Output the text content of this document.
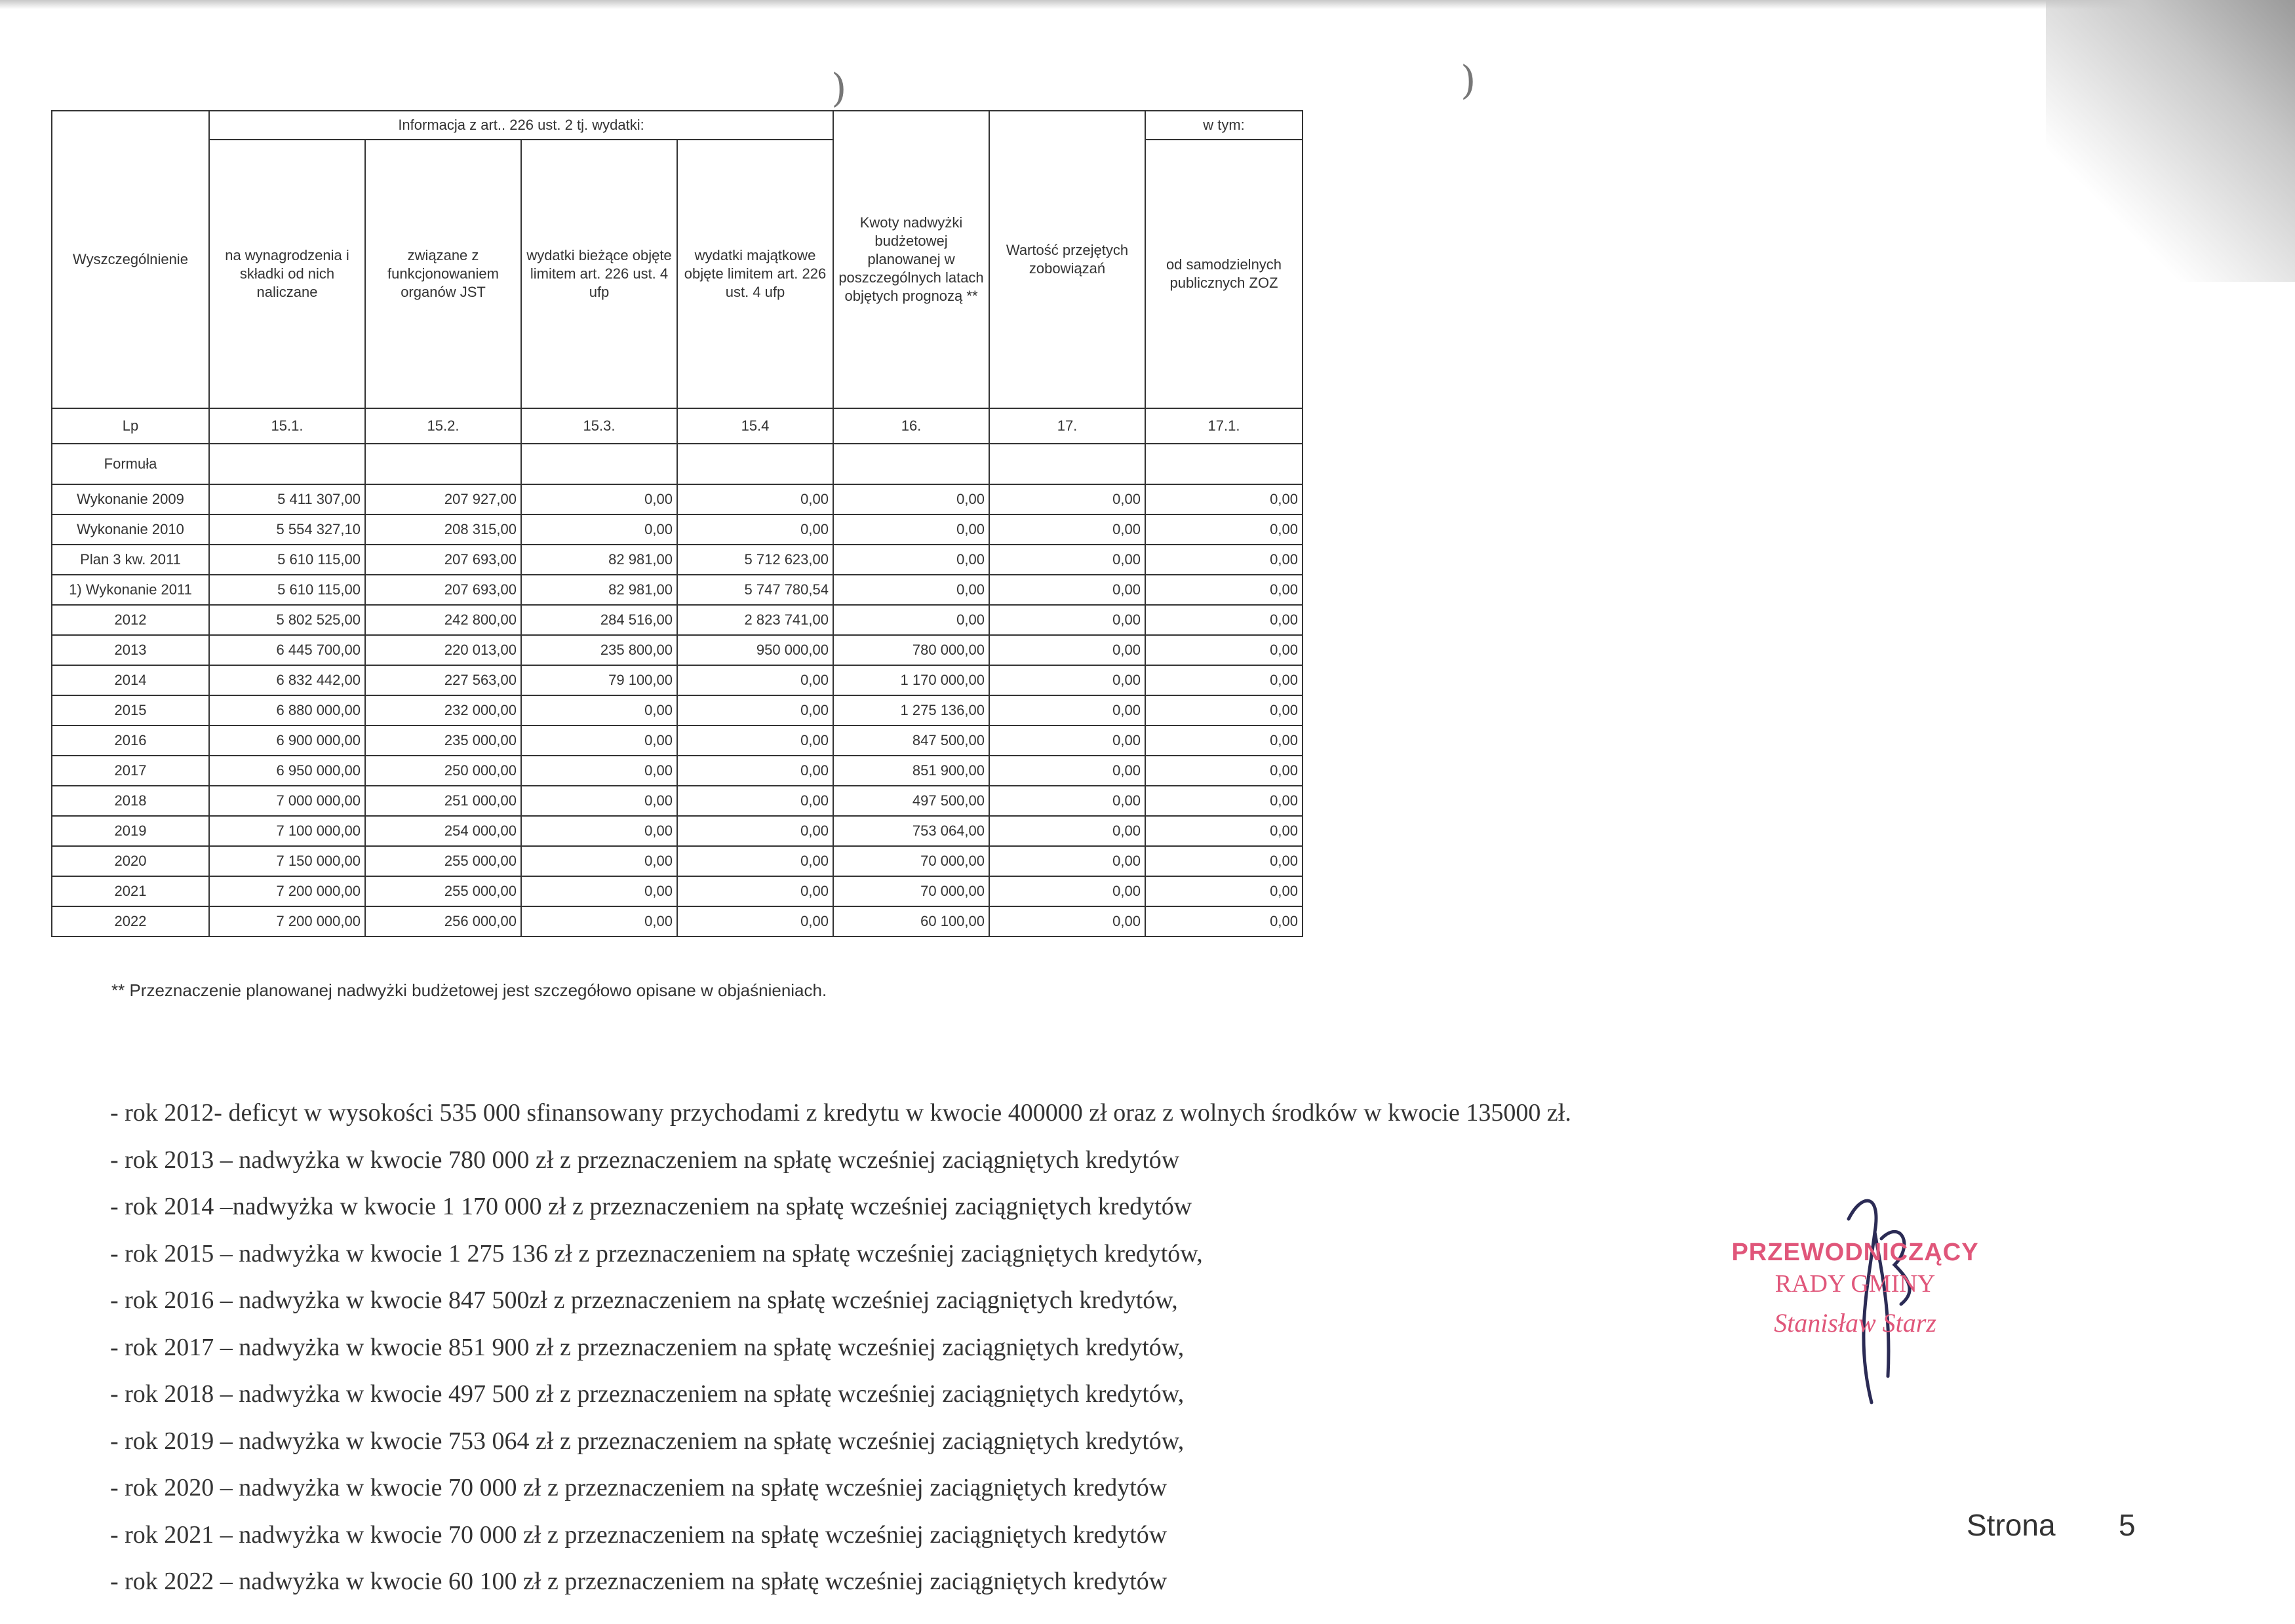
)	)
Wyszczególnienie	Informacja z art.. 226 ust. 2 tj. wydatki:				Kwoty nadwyżki budżetowej planowanej w poszczególnych latach objętych prognozą **	Wartość przejętych zobowiązań	w tym:
	na wynagrodzenia i składki od nich naliczane	związane z funkcjonowaniem organów JST	wydatki bieżące objęte limitem art. 226 ust. 4 ufp	wydatki majątkowe objęte limitem art. 226 ust. 4 ufp			od samodzielnych publicznych ZOZ
Lp	15.1.	15.2.	15.3.	15.4	16.	17.	17.1.
Formuła							
Wykonanie 2009	5 411 307,00	207 927,00	0,00	0,00	0,00	0,00	0,00
Wykonanie 2010	5 554 327,10	208 315,00	0,00	0,00	0,00	0,00	0,00
Plan 3 kw. 2011	5 610 115,00	207 693,00	82 981,00	5 712 623,00	0,00	0,00	0,00
1) Wykonanie 2011	5 610 115,00	207 693,00	82 981,00	5 747 780,54	0,00	0,00	0,00
2012	5 802 525,00	242 800,00	284 516,00	2 823 741,00	0,00	0,00	0,00
2013	6 445 700,00	220 013,00	235 800,00	950 000,00	780 000,00	0,00	0,00
2014	6 832 442,00	227 563,00	79 100,00	0,00	1 170 000,00	0,00	0,00
2015	6 880 000,00	232 000,00	0,00	0,00	1 275 136,00	0,00	0,00
2016	6 900 000,00	235 000,00	0,00	0,00	847 500,00	0,00	0,00
2017	6 950 000,00	250 000,00	0,00	0,00	851 900,00	0,00	0,00
2018	7 000 000,00	251 000,00	0,00	0,00	497 500,00	0,00	0,00
2019	7 100 000,00	254 000,00	0,00	0,00	753 064,00	0,00	0,00
2020	7 150 000,00	255 000,00	0,00	0,00	70 000,00	0,00	0,00
2021	7 200 000,00	255 000,00	0,00	0,00	70 000,00	0,00	0,00
2022	7 200 000,00	256 000,00	0,00	0,00	60 100,00	0,00	0,00
** Przeznaczenie planowanej nadwyżki budżetowej jest szczegółowo opisane w objaśnieniach.
- rok 2012- deficyt w wysokości 535 000 sfinansowany przychodami z kredytu w kwocie 400000 zł oraz z wolnych środków w kwocie 135000 zł.
- rok 2013 – nadwyżka w kwocie 780 000 zł z przeznaczeniem na spłatę wcześniej zaciągniętych kredytów
- rok 2014 –nadwyżka w kwocie 1 170 000 zł z przeznaczeniem na spłatę wcześniej zaciągniętych kredytów
- rok 2015 – nadwyżka w kwocie 1 275 136 zł z przeznaczeniem na spłatę wcześniej zaciągniętych kredytów,
- rok 2016 – nadwyżka w kwocie 847 500zł z przeznaczeniem na spłatę wcześniej zaciągniętych kredytów,
- rok 2017 – nadwyżka w kwocie 851 900 zł z przeznaczeniem na spłatę wcześniej zaciągniętych kredytów,
- rok 2018 – nadwyżka w kwocie 497 500 zł z przeznaczeniem na spłatę wcześniej zaciągniętych kredytów,
- rok 2019 – nadwyżka w kwocie 753 064 zł z przeznaczeniem na spłatę wcześniej zaciągniętych kredytów,
- rok 2020 – nadwyżka w kwocie 70 000 zł z przeznaczeniem na spłatę wcześniej zaciągniętych kredytów
- rok 2021 – nadwyżka w kwocie 70 000 zł z przeznaczeniem na spłatę wcześniej zaciągniętych kredytów
- rok 2022 – nadwyżka w kwocie 60 100 zł z przeznaczeniem na spłatę wcześniej zaciągniętych kredytów
PRZEWODNICZĄCY
RADY GMINY
Stanisław Starz
Strona 5
